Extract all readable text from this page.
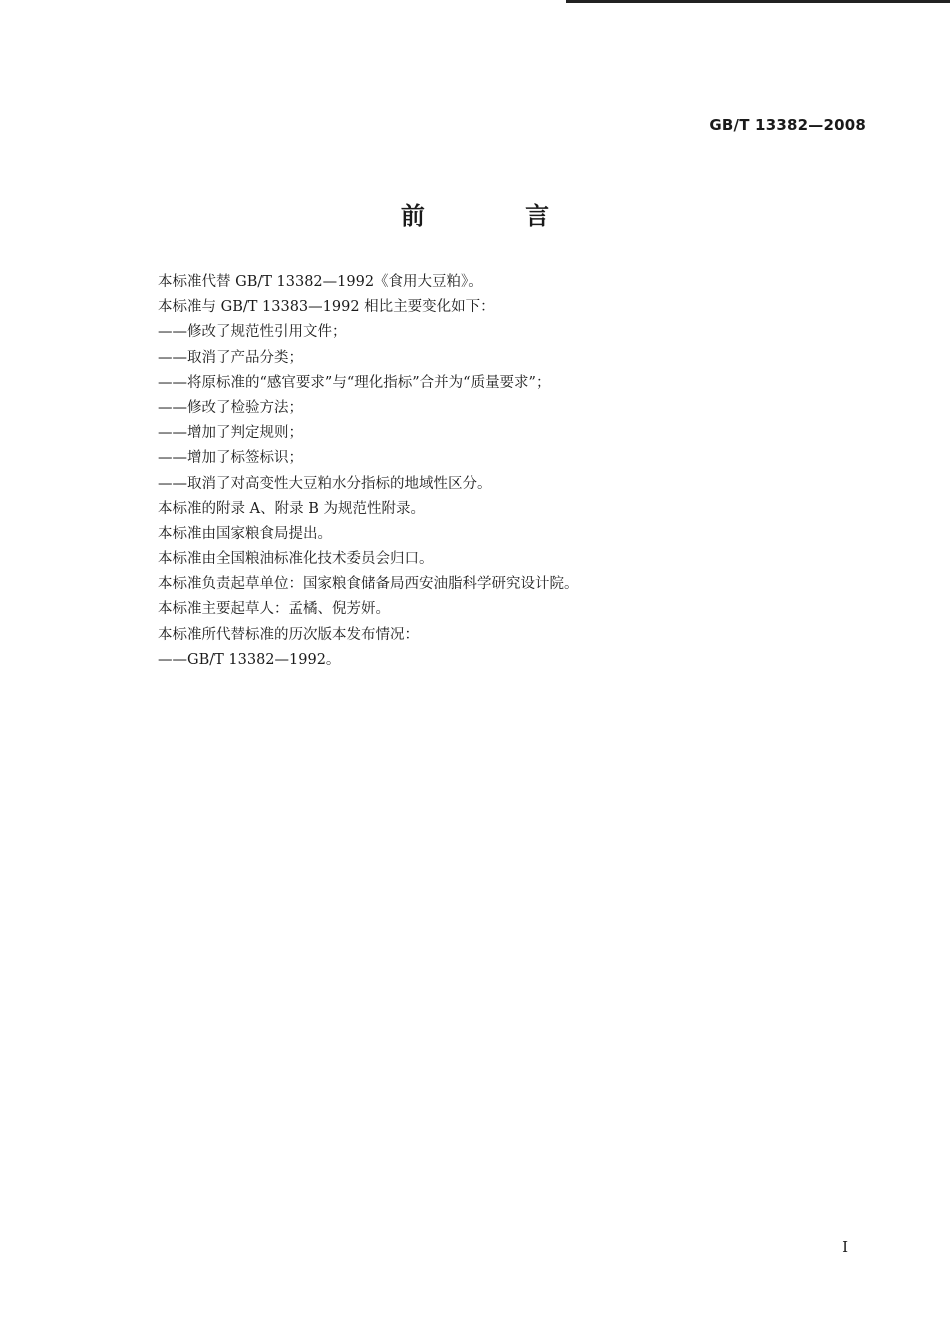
GB/T 13382—2008
前 言
本标准代替 GB/T 13382—1992《食用大豆粕》。
本标准与 GB/T 13383—1992 相比主要变化如下：
——修改了规范性引用文件；
——取消了产品分类；
——将原标准的“感官要求”与“理化指标”合并为“质量要求”；
——修改了检验方法；
——增加了判定规则；
——增加了标签标识；
——取消了对高变性大豆粕水分指标的地域性区分。
本标准的附录 A、附录 B 为规范性附录。
本标准由国家粮食局提出。
本标准由全国粮油标准化技术委员会归口。
本标准负责起草单位：国家粮食储备局西安油脂科学研究设计院。
本标准主要起草人：孟橘、倪芳妍。
本标准所代替标准的历次版本发布情况：
——GB/T 13382—1992。
I
